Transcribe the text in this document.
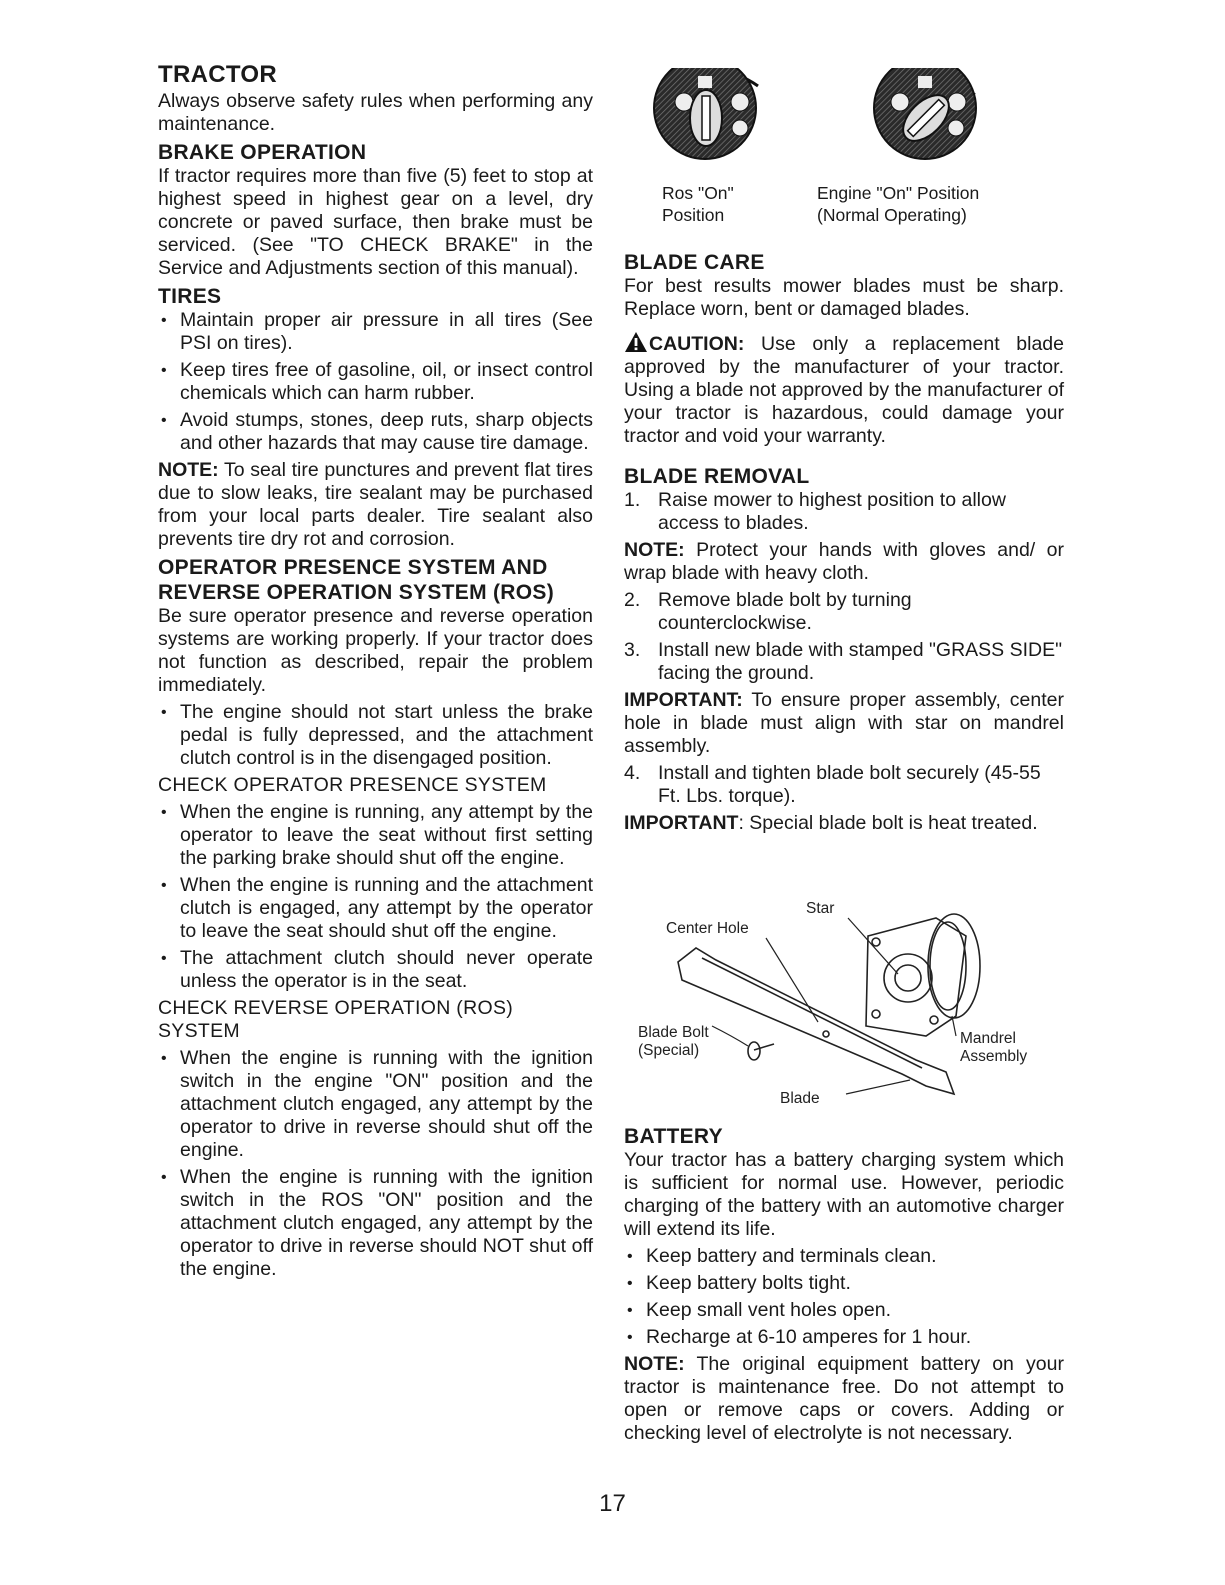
TRACTOR

Always observe safety rules when performing any maintenance.

BRAKE OPERATION

If tractor requires more than five (5) feet to stop at highest speed in highest gear on a level, dry concrete or paved surface, then brake must be serviced. (See "TO CHECK BRAKE" in the Service and Adjustments section of this manual).

TIRES
• Maintain proper air pressure in all tires (See PSI on tires).
• Keep tires free of gasoline, oil, or insect control chemicals which can harm rubber.
• Avoid stumps, stones, deep ruts, sharp objects and other hazards that may cause tire damage.

NOTE: To seal tire punctures and prevent flat tires due to slow leaks, tire sealant may be purchased from your local parts dealer. Tire sealant also prevents tire dry rot and corrosion.

OPERATOR PRESENCE SYSTEM AND REVERSE OPERATION SYSTEM (ROS)

Be sure operator presence and reverse operation systems are working properly. If your tractor does not function as described, repair the problem immediately.

• The engine should not start unless the brake pedal is fully depressed, and the attachment clutch control is in the disengaged position.
CHECK OPERATOR PRESENCE SYSTEM
• When the engine is running, any attempt by the operator to leave the seat without first setting the parking brake should shut off the engine.
• When the engine is running and the attachment clutch is engaged, any attempt by the operator to leave the seat should shut off the engine.
• The attachment clutch should never operate unless the operator is in the seat.
CHECK REVERSE OPERATION (ROS) SYSTEM
• When the engine is running with the ignition switch in the engine "ON" position and the attachment clutch engaged, any attempt by the operator to drive in reverse should shut off the engine.
• When the engine is running with the ignition switch in the ROS "ON" position and the attachment clutch engaged, any attempt by the operator to drive in reverse should NOT shut off the engine.
Ros "On" Position
Engine "On" Position (Normal Operating)
BLADE CARE

For best results mower blades must be sharp. Replace worn, bent or damaged blades.

CAUTION: Use only a replacement blade approved by the manufacturer of your tractor. Using a blade not approved by the manufacturer of your tractor is hazardous, could damage your tractor and void your warranty.

BLADE REMOVAL
1. Raise mower to highest position to allow access to blades.

NOTE: Protect your hands with gloves and/ or wrap blade with heavy cloth.

2. Remove blade bolt by turning counterclockwise.
3. Install new blade with stamped "GRASS SIDE" facing the ground.

IMPORTANT: To ensure proper assembly, center hole in blade must align with star on mandrel assembly.

4. Install and tighten blade bolt securely (45-55 Ft. Lbs. torque).

IMPORTANT: Special blade bolt is heat treated.

Star
Center Hole
Blade Bolt
(Special)
Mandrel
Assembly
Blade
BATTERY

Your tractor has a battery charging system which is sufficient for normal use. However, periodic charging of the battery with an automotive charger will extend its life.

• Keep battery and terminals clean.
• Keep battery bolts tight.
• Keep small vent holes open.
• Recharge at 6-10 amperes for 1 hour.

NOTE: The original equipment battery on your tractor is maintenance free. Do not attempt to open or remove caps or covers. Adding or checking level of electrolyte is not necessary.

17
